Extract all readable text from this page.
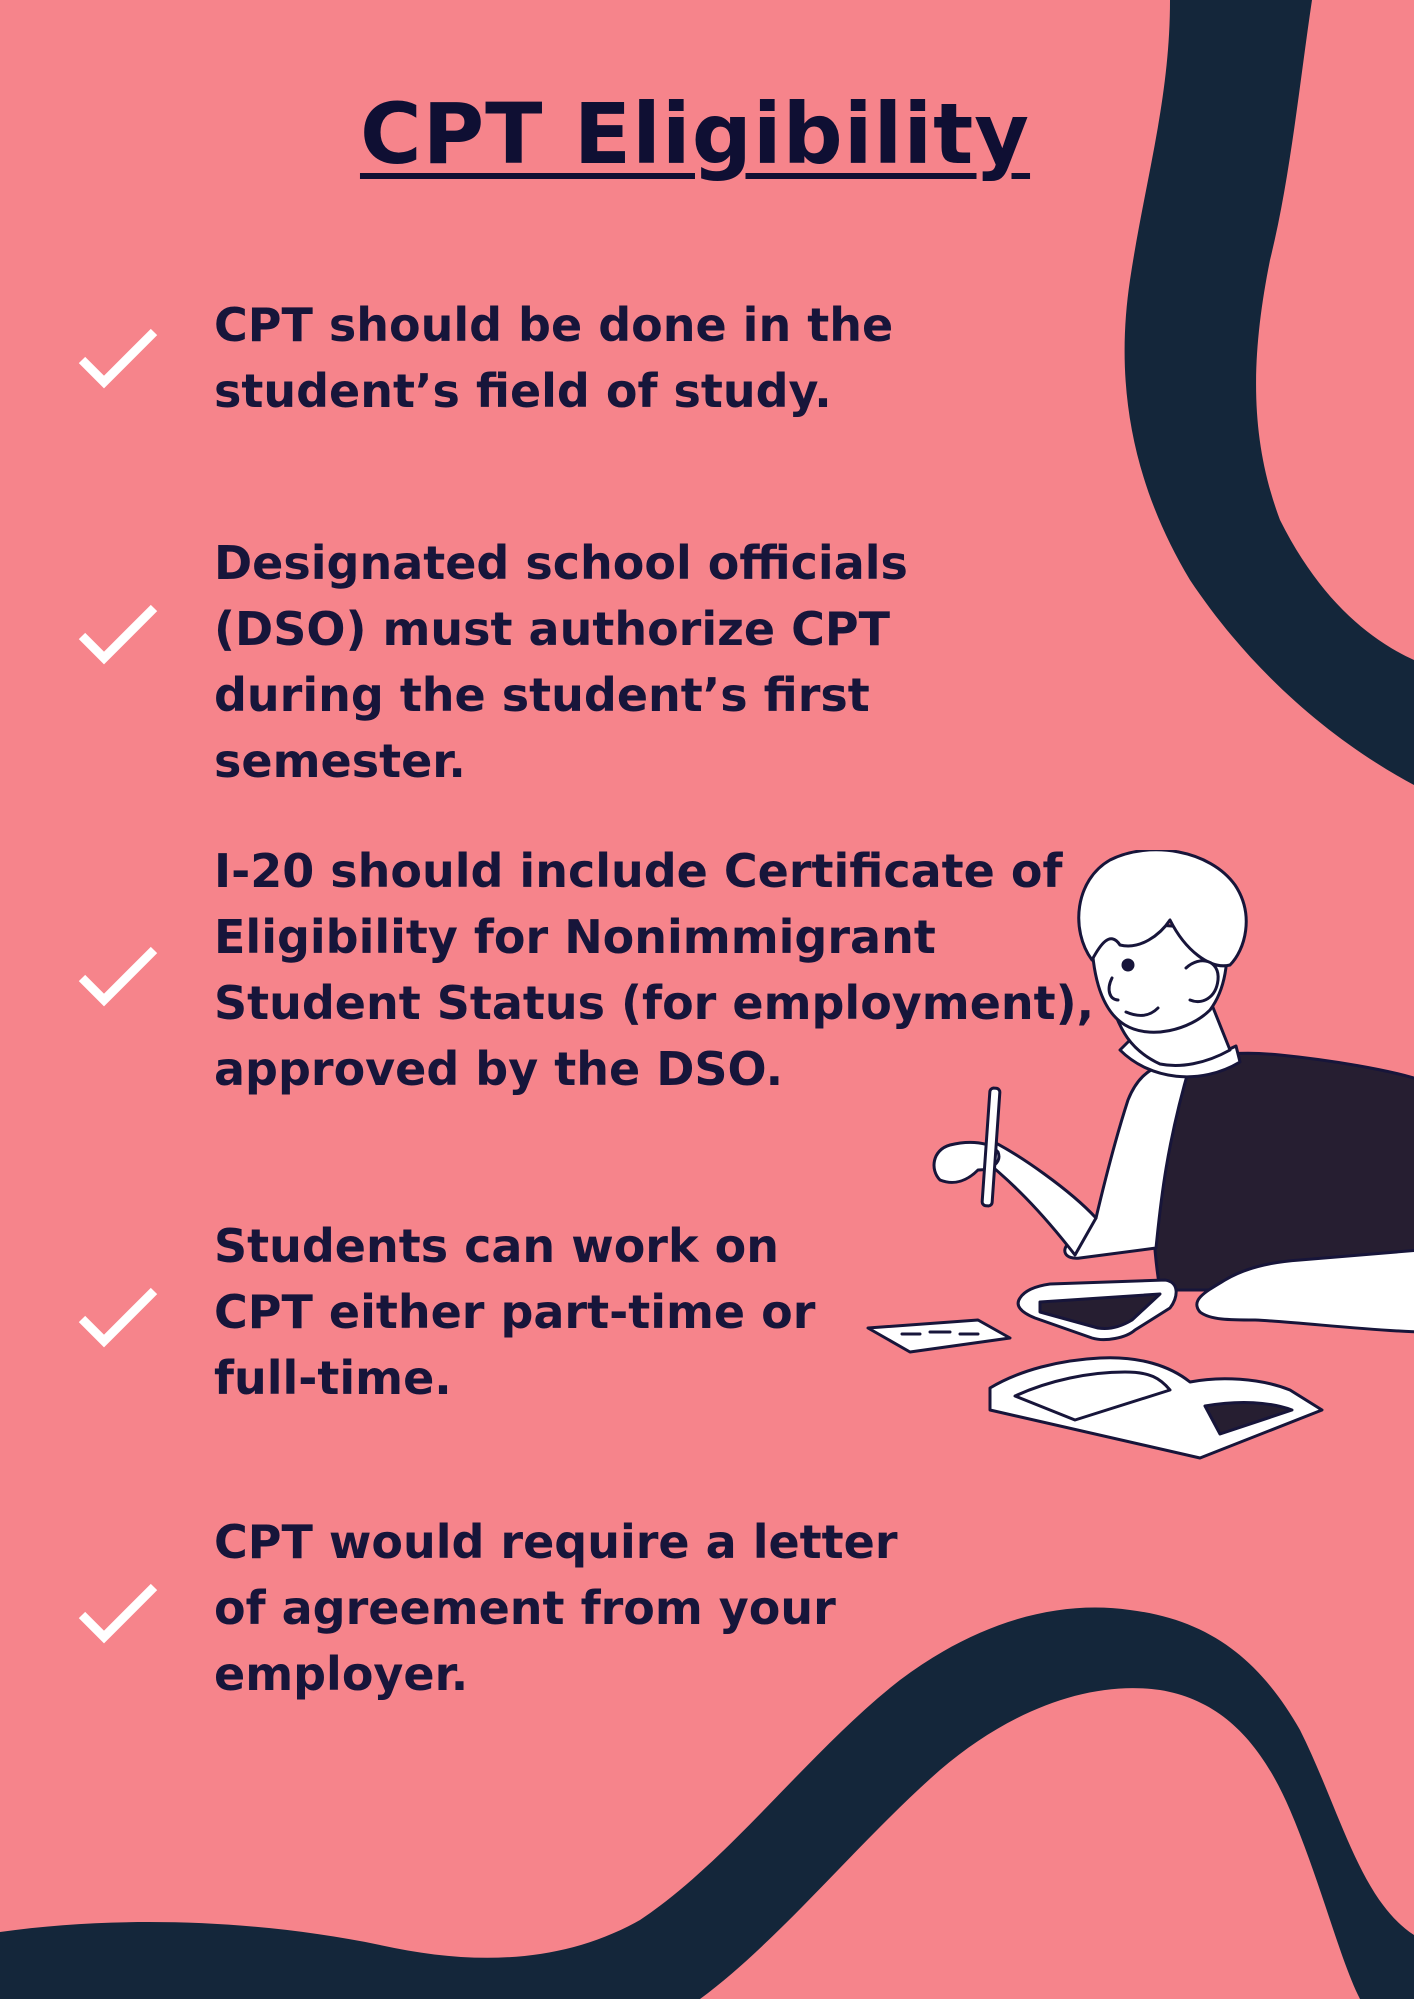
CPT Eligibility

CPT should be done in the student’s field of study.

Designated school officials (DSO) must authorize CPT during the student’s first semester.

I-20 should include Certificate of Eligibility for Nonimmigrant Student Status (for employment), approved by the DSO.

Students can work on CPT either part-time or full-time.

CPT would require a letter of agreement from your employer.
